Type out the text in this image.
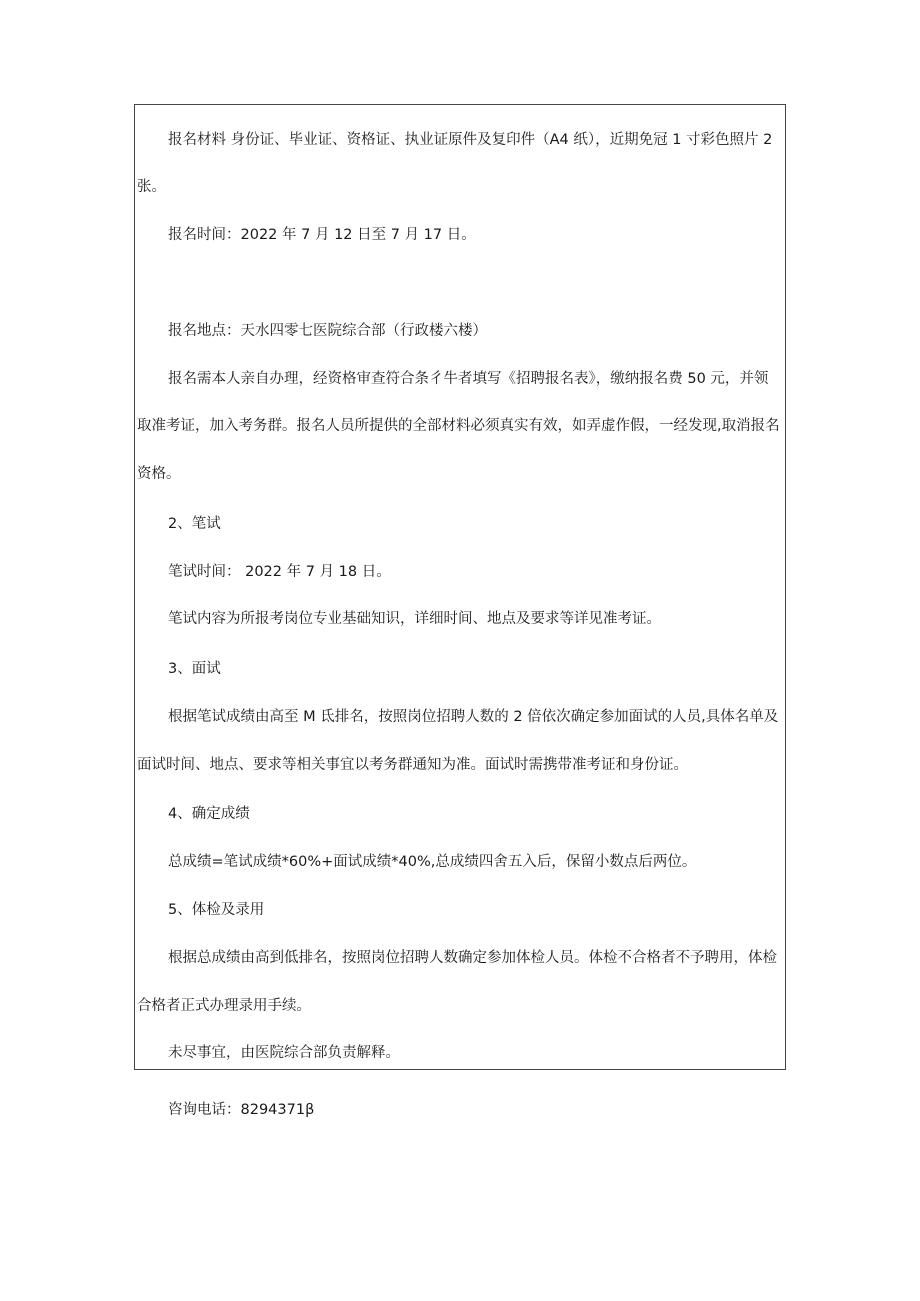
报名材料 身份证、毕业证、资格证、执业证原件及复印件（A4 纸），近期免冠 1 寸彩色照片 2
张。
报名时间：2022 年 7 月 12 日至 7 月 17 日。
报名地点：天水四零七医院综合部（行政楼六楼）
报名需本人亲自办理，经资格审查符合条彳牛者填写《招聘报名表》，缴纳报名费 50 元，并领
取准考证，加入考务群。报名人员所提供的全部材料必须真实有效，如弄虚作假，一经发现,取消报名
资格。
2、笔试
笔试时间： 2022 年 7 月 18 日。
笔试内容为所报考岗位专业基础知识，详细时间、地点及要求等详见准考证。
3、面试
根据笔试成绩由高至 M 氐排名，按照岗位招聘人数的 2 倍依次确定参加面试的人员,具体名单及
面试时间、地点、要求等相关事宜以考务群通知为准。面试时需携带准考证和身份证。
4、确定成绩
总成绩=笔试成绩*60%+面试成绩*40%,总成绩四舍五入后，保留小数点后两位。
5、体检及录用
根据总成绩由高到低排名，按照岗位招聘人数确定参加体检人员。体检不合格者不予聘用，体检
合格者正式办理录用手续。
未尽事宜，由医院综合部负责解释。
咨询电话：8294371β
